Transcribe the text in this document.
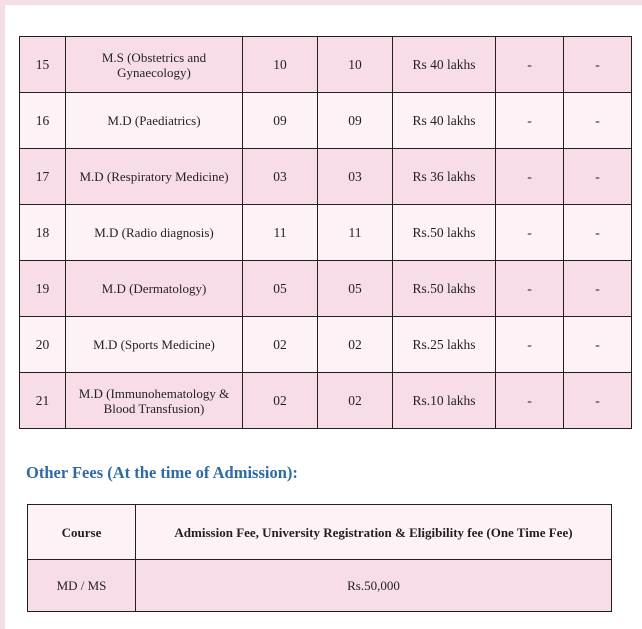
15	M.S (Obstetrics and Gynaecology)	10	10	Rs 40 lakhs	-	-
16	M.D (Paediatrics)	09	09	Rs 40 lakhs	-	-
17	M.D (Respiratory Medicine)	03	03	Rs 36 lakhs	-	-
18	M.D (Radio diagnosis)	11	11	Rs.50 lakhs	-	-
19	M.D (Dermatology)	05	05	Rs.50 lakhs	-	-
20	M.D (Sports Medicine)	02	02	Rs.25 lakhs	-	-
21	M.D (Immunohematology & Blood Transfusion)	02	02	Rs.10 lakhs	-	-
Other Fees (At the time of Admission):
Course	Admission Fee, University Registration & Eligibility fee (One Time Fee)
MD / MS	Rs.50,000
